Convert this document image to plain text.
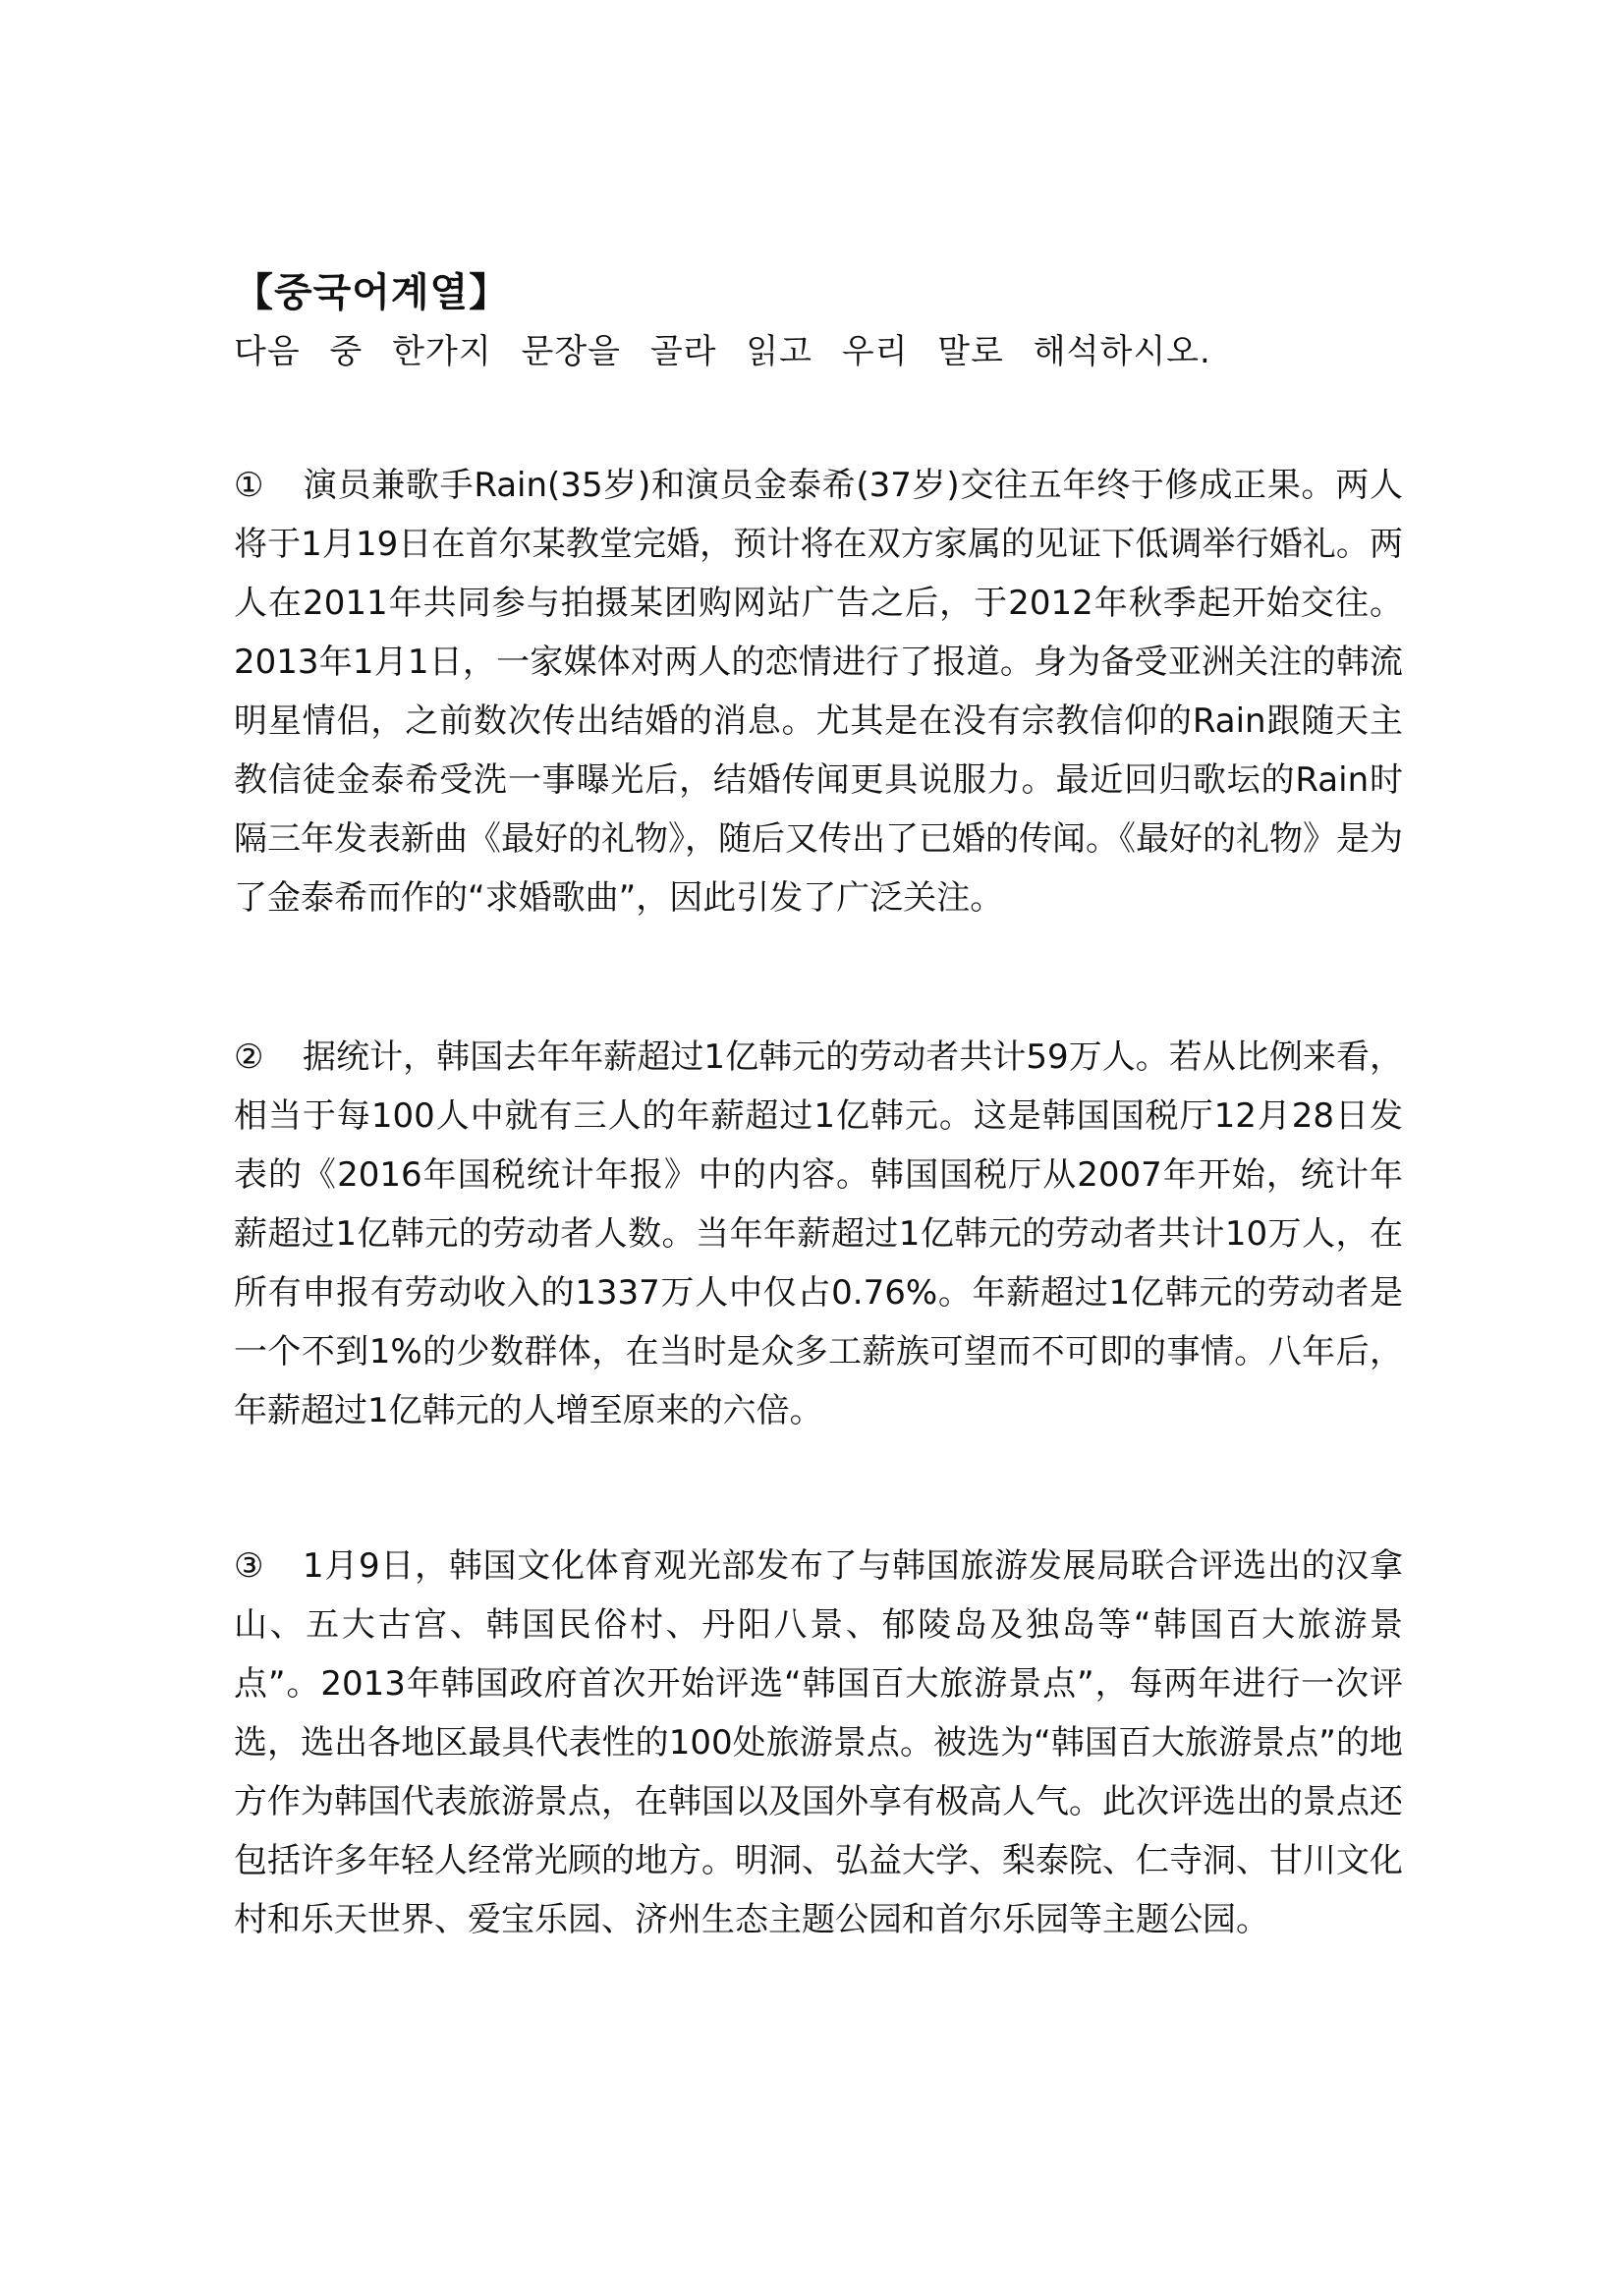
【중국어계열】

다음 중 한가지 문장을 골라 읽고 우리 말로 해석하시오.

① 演员兼歌手Rain(35岁)和演员金泰希(37岁)交往五年终于修成正果。两人将于1月19日在首尔某教堂完婚，预计将在双方家属的见证下低调举行婚礼。两人在2011年共同参与拍摄某团购网站广告之后，于2012年秋季起开始交往。2013年1月1日，一家媒体对两人的恋情进行了报道。身为备受亚洲关注的韩流明星情侣，之前数次传出结婚的消息。尤其是在没有宗教信仰的Rain跟随天主教信徒金泰希受洗一事曝光后，结婚传闻更具说服力。最近回归歌坛的Rain时隔三年发表新曲《最好的礼物》，随后又传出了已婚的传闻。《最好的礼物》是为了金泰希而作的“求婚歌曲”，因此引发了广泛关注。

② 据统计，韩国去年年薪超过1亿韩元的劳动者共计59万人。若从比例来看，相当于每100人中就有三人的年薪超过1亿韩元。这是韩国国税厅12月28日发表的《2016年国税统计年报》中的内容。韩国国税厅从2007年开始，统计年薪超过1亿韩元的劳动者人数。当年年薪超过1亿韩元的劳动者共计10万人，在所有申报有劳动收入的1337万人中仅占0.76%。年薪超过1亿韩元的劳动者是一个不到1%的少数群体，在当时是众多工薪族可望而不可即的事情。八年后，年薪超过1亿韩元的人增至原来的六倍。

③ 1月9日，韩国文化体育观光部发布了与韩国旅游发展局联合评选出的汉拿山、五大古宫、韩国民俗村、丹阳八景、郁陵岛及独岛等“韩国百大旅游景点”。2013年韩国政府首次开始评选“韩国百大旅游景点”，每两年进行一次评选，选出各地区最具代表性的100处旅游景点。被选为“韩国百大旅游景点”的地方作为韩国代表旅游景点，在韩国以及国外享有极高人气。此次评选出的景点还包括许多年轻人经常光顾的地方。明洞、弘益大学、梨泰院、仁寺洞、甘川文化村和乐天世界、爱宝乐园、济州生态主题公园和首尔乐园等主题公园。
